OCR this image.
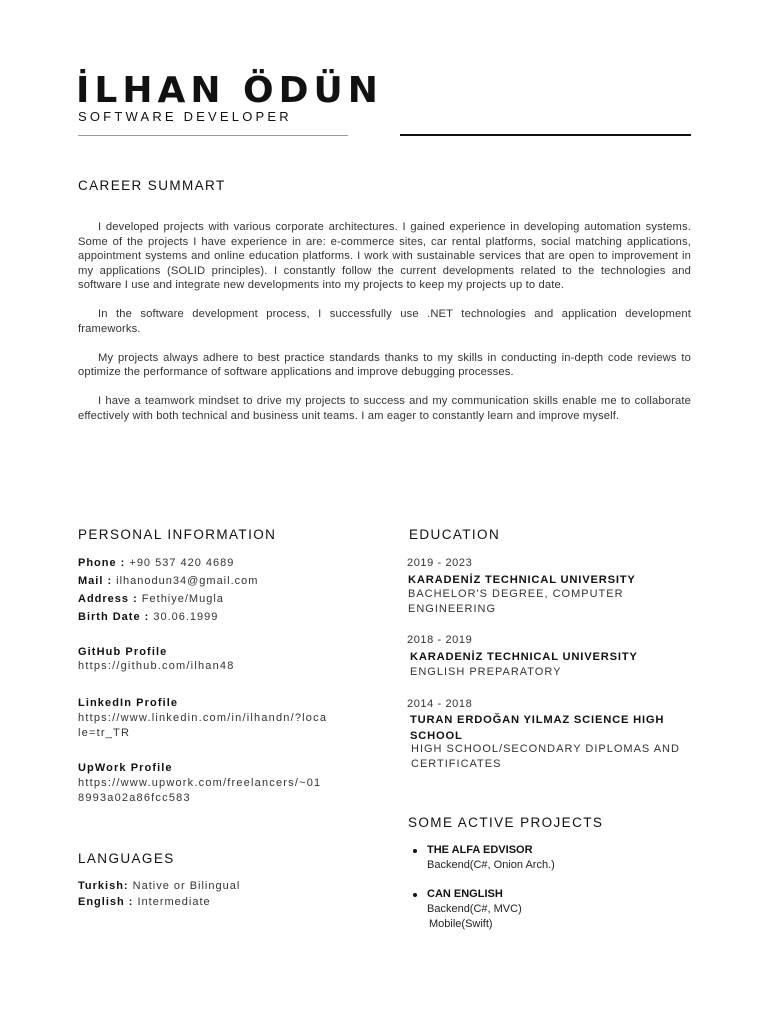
İLHAN ÖDÜN
SOFTWARE DEVELOPER
CAREER SUMMART

I developed projects with various corporate architectures. I gained experience in developing automation systems. Some of the projects I have experience in are: e-commerce sites, car rental platforms, social matching applications, appointment systems and online education platforms. I work with sustainable services that are open to improvement in my applications (SOLID principles). I constantly follow the current developments related to the technologies and software I use and integrate new developments into my projects to keep my projects up to date.

In the software development process, I successfully use .NET technologies and application development frameworks.

My projects always adhere to best practice standards thanks to my skills in conducting in-depth code reviews to optimize the performance of software applications and improve debugging processes.

I have a teamwork mindset to drive my projects to success and my communication skills enable me to collaborate effectively with both technical and business unit teams. I am eager to constantly learn and improve myself.

PERSONAL INFORMATION
Phone : +90 537 420 4689
Mail : ilhanodun34@gmail.com
Address : Fethiye/Mugla
Birth Date : 30.06.1999
GitHub Profile
https://github.com/ilhan48
LinkedIn Profile
https://www.linkedin.com/in/ilhandn/?locale=tr_TR
UpWork Profile
https://www.upwork.com/freelancers/~018993a02a86fcc583
LANGUAGES
Turkish: Native or Bilingual
English : Intermediate
EDUCATION
2019 - 2023
KARADENİZ TECHNICAL UNIVERSITY
BACHELOR'S DEGREE, COMPUTER ENGINEERING
2018 - 2019
KARADENİZ TECHNICAL UNIVERSITY
ENGLISH PREPARATORY
2014 - 2018
TURAN ERDOĞAN YILMAZ SCIENCE HIGH SCHOOL
HIGH SCHOOL/SECONDARY DIPLOMAS AND CERTIFICATES
SOME ACTIVE PROJECTS
THE ALFA EDVISOR
Backend(C#, Onion Arch.)
CAN ENGLISH
Backend(C#, MVC)
Mobile(Swift)
